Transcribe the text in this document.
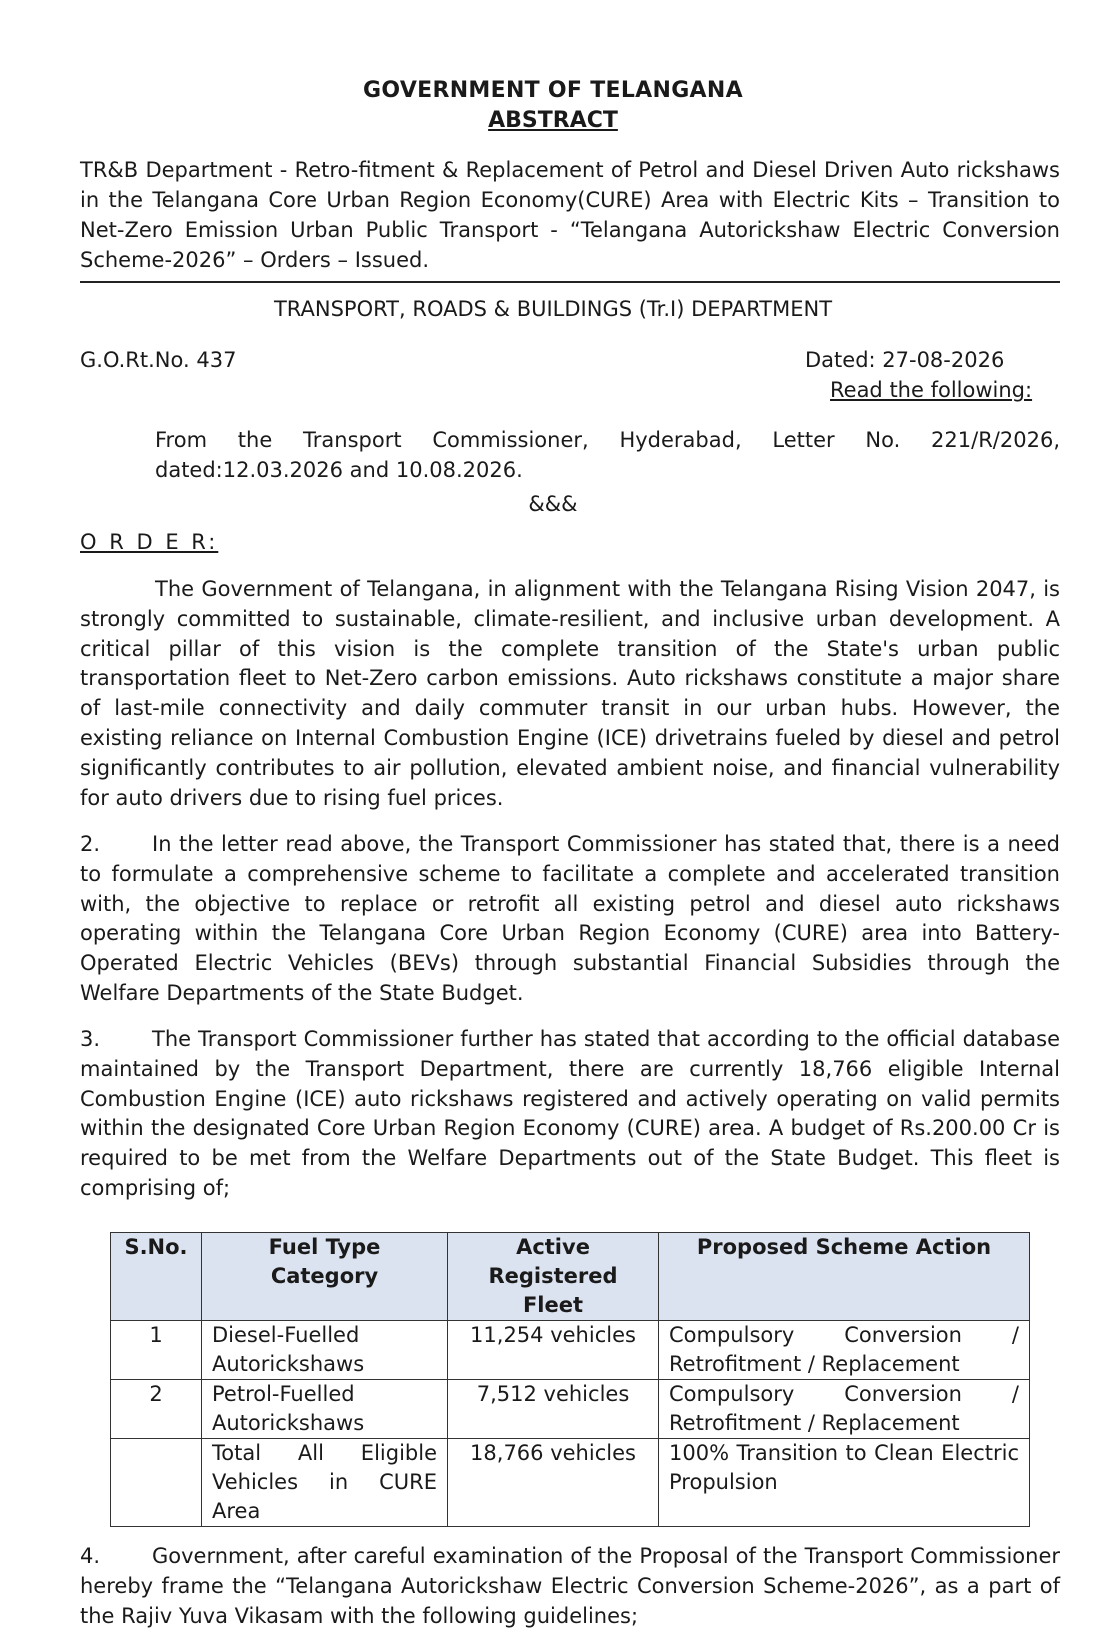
GOVERNMENT OF TELANGANA
ABSTRACT
TR&B Department - Retro-fitment & Replacement of Petrol and Diesel Driven Auto rickshaws in the Telangana Core Urban Region Economy(CURE) Area with Electric Kits – Transition to Net-Zero Emission Urban Public Transport - “Telangana Autorickshaw Electric Conversion Scheme-2026” – Orders – Issued.
TRANSPORT, ROADS & BUILDINGS (Tr.I) DEPARTMENT
G.O.Rt.No. 437	Dated: 27-08-2026
Read the following:
From the Transport Commissioner, Hyderabad, Letter No. 221/R/2026, dated:12.03.2026 and 10.08.2026.
&&&
O R D E R:

The Government of Telangana, in alignment with the Telangana Rising Vision 2047, is strongly committed to sustainable, climate-resilient, and inclusive urban development. A critical pillar of this vision is the complete transition of the State's urban public transportation fleet to Net-Zero carbon emissions. Auto rickshaws constitute a major share of last-mile connectivity and daily commuter transit in our urban hubs. However, the existing reliance on Internal Combustion Engine (ICE) drivetrains fueled by diesel and petrol significantly contributes to air pollution, elevated ambient noise, and financial vulnerability for auto drivers due to rising fuel prices.

2. In the letter read above, the Transport Commissioner has stated that, there is a need to formulate a comprehensive scheme to facilitate a complete and accelerated transition with, the objective to replace or retrofit all existing petrol and diesel auto rickshaws operating within the Telangana Core Urban Region Economy (CURE) area into Battery-Operated Electric Vehicles (BEVs) through substantial Financial Subsidies through the Welfare Departments of the State Budget.

3. The Transport Commissioner further has stated that according to the official database maintained by the Transport Department, there are currently 18,766 eligible Internal Combustion Engine (ICE) auto rickshaws registered and actively operating on valid permits within the designated Core Urban Region Economy (CURE) area. A budget of Rs.200.00 Cr is required to be met from the Welfare Departments out of the State Budget. This fleet is comprising of;

S.No.	Fuel Type Category	Active Registered Fleet	Proposed Scheme Action
1	Diesel-Fuelled Autorickshaws	11,254 vehicles	Compulsory Conversion / Retrofitment / Replacement
2	Petrol-Fuelled Autorickshaws	7,512 vehicles	Compulsory Conversion / Retrofitment / Replacement
	Total All Eligible Vehicles in CURE Area	18,766 vehicles	100% Transition to Clean Electric Propulsion

4. Government, after careful examination of the Proposal of the Transport Commissioner hereby frame the “Telangana Autorickshaw Electric Conversion Scheme-2026”, as a part of the Rajiv Yuva Vikasam with the following guidelines;
